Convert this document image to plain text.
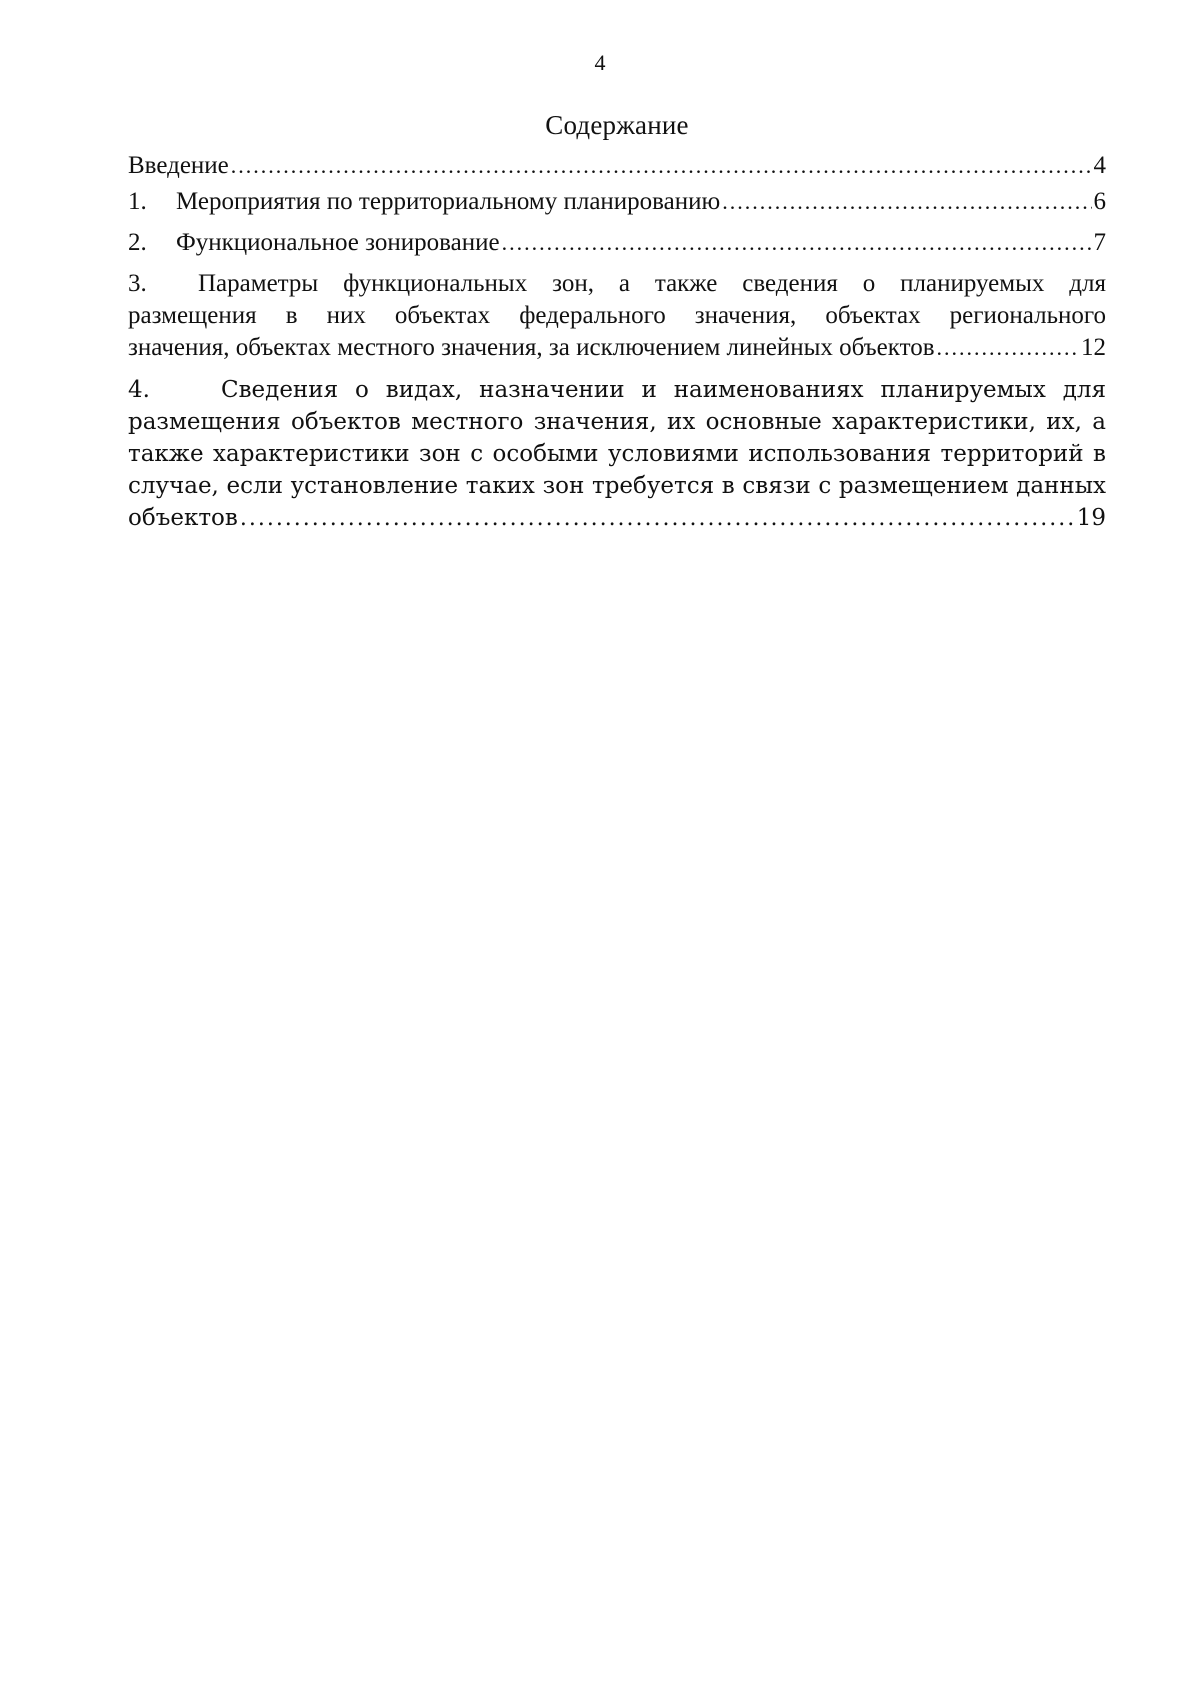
4
Содержание
Введение .....	4
1. Мероприятия по территориальному планированию .....	6
2. Функциональное зонирование .....	7
3. Параметры функциональных зон, а также сведения о планируемых для
размещения в них объектах федерального значения, объектах регионального
значения, объектах местного значения, за исключением линейных объектов .....	12
4.	Сведения о видах, назначении и наименованиях планируемых для
размещения объектов местного значения, их основные характеристики, их, а
также характеристики зон с особыми условиями использования территорий в
случае, если установление таких зон требуется в связи с размещением данных
объектов .....	19
